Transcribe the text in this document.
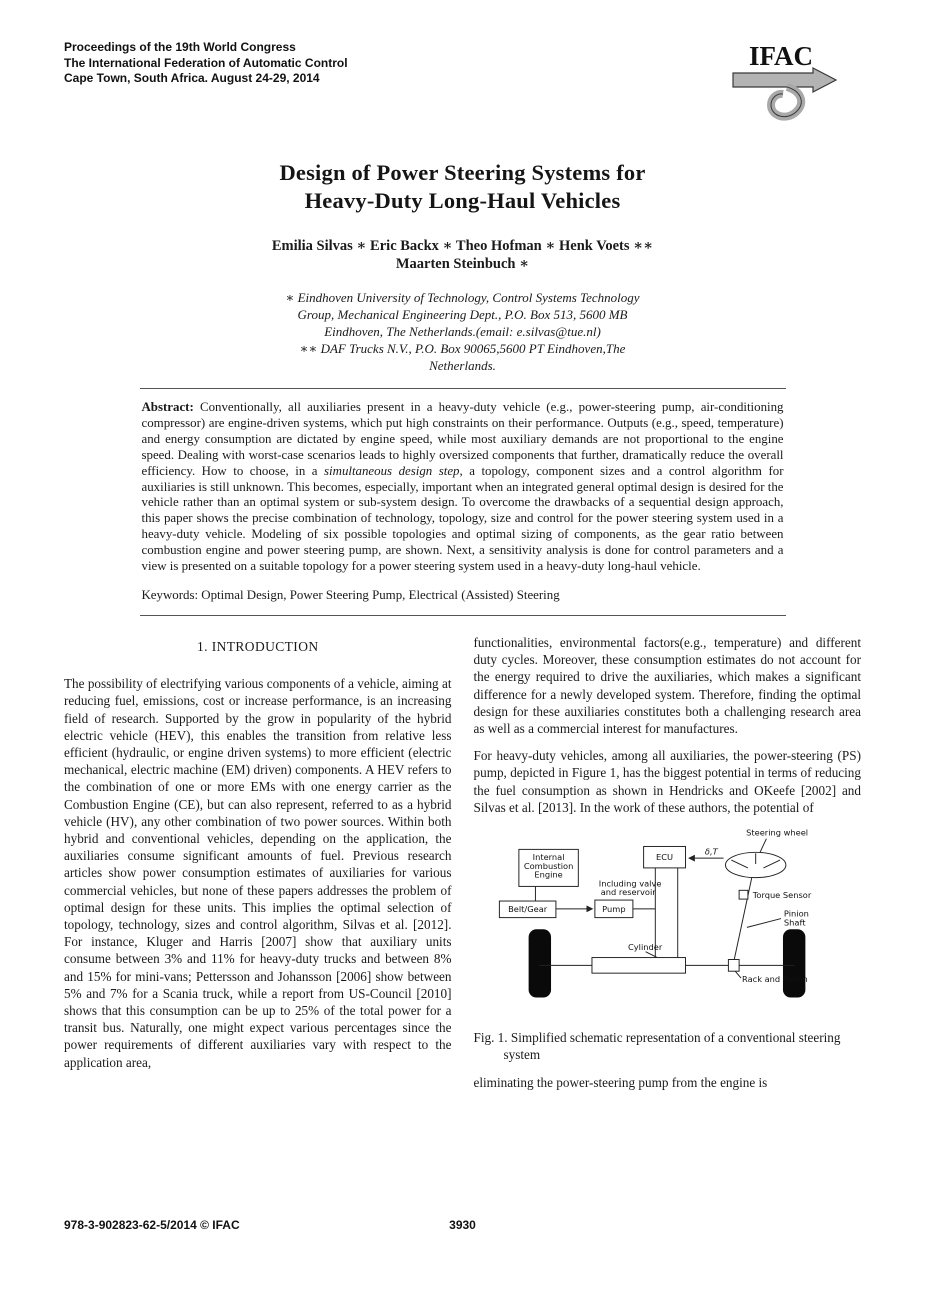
Proceedings of the 19th World Congress
The International Federation of Automatic Control
Cape Town, South Africa. August 24-29, 2014
IFAC
Design of Power Steering Systems for
Heavy-Duty Long-Haul Vehicles
Emilia Silvas ∗ Eric Backx ∗ Theo Hofman ∗ Henk Voets ∗∗
Maarten Steinbuch ∗
∗ Eindhoven University of Technology, Control Systems Technology
Group, Mechanical Engineering Dept., P.O. Box 513, 5600 MB
Eindhoven, The Netherlands.(email: e.silvas@tue.nl)
∗∗ DAF Trucks N.V., P.O. Box 90065,5600 PT Eindhoven,The
Netherlands.
Abstract: Conventionally, all auxiliaries present in a heavy-duty vehicle (e.g., power-steering pump, air-conditioning compressor) are engine-driven systems, which put high constraints on their performance. Outputs (e.g., speed, temperature) and energy consumption are dictated by engine speed, while most auxiliary demands are not proportional to the engine speed. Dealing with worst-case scenarios leads to highly oversized components that further, dramatically reduce the overall efficiency. How to choose, in a simultaneous design step, a topology, component sizes and a control algorithm for auxiliaries is still unknown. This becomes, especially, important when an integrated general optimal design is desired for the vehicle rather than an optimal system or sub-system design. To overcome the drawbacks of a sequential design approach, this paper shows the precise combination of technology, topology, size and control for the power steering system used in a heavy-duty vehicle. Modeling of six possible topologies and optimal sizing of components, as the gear ratio between combustion engine and power steering pump, are shown. Next, a sensitivity analysis is done for control parameters and a view is presented on a suitable topology for a power steering system used in a heavy-duty long-haul vehicle.
Keywords: Optimal Design, Power Steering Pump, Electrical (Assisted) Steering
1. INTRODUCTION

The possibility of electrifying various components of a vehicle, aiming at reducing fuel, emissions, cost or increase performance, is an increasing field of research. Supported by the grow in popularity of the hybrid electric vehicle (HEV), this enables the transition from relative less efficient (hydraulic, or engine driven systems) to more efficient (electric mechanical, electric machine (EM) driven) components. A HEV refers to the combination of one or more EMs with one energy carrier as the Combustion Engine (CE), but can also represent, referred to as a hybrid vehicle (HV), any other combination of two power sources. Within both hybrid and conventional vehicles, depending on the application, the auxiliaries consume significant amounts of fuel. Previous research articles show power consumption estimates of auxiliaries for various commercial vehicles, but none of these papers addresses the problem of optimal design for these units. This implies the optimal selection of topology, technology, sizes and control algorithm, Silvas et al. [2012]. For instance, Kluger and Harris [2007] show that auxiliary units consume between 3% and 11% for heavy-duty trucks and between 8% and 15% for mini-vans; Pettersson and Johansson [2006] show between 5% and 7% for a Scania truck, while a report from US-Council [2010] shows that this consumption can be up to 25% of the total power for a transit bus. Naturally, one might expect various percentages since the power requirements of different auxiliaries vary with respect to the application area,

functionalities, environmental factors(e.g., temperature) and different duty cycles. Moreover, these consumption estimates do not account for the energy required to drive the auxiliaries, which makes a significant difference for a newly developed system. Therefore, finding the optimal design for these auxiliaries constitutes both a challenging research area as well as a commercial interest for manufactures.

For heavy-duty vehicles, among all auxiliaries, the power-steering (PS) pump, depicted in Figure 1, has the biggest potential in terms of reducing the fuel consumption as shown in Hendricks and OKeefe [2002] and Silvas et al. [2013]. In the work of these authors, the potential of

Steering wheel
δ,T
ECU
Internal
Combustion
Engine
Belt/Gear	Pump
Including valve
and reservoir	Torque Sensor
Pinion
Shaft
Cylinder
Rack and Pinion
Fig. 1. Simplified schematic representation of a conventional steering system

eliminating the power-steering pump from the engine is

978-3-902823-62-5/2014 © IFAC	3930
